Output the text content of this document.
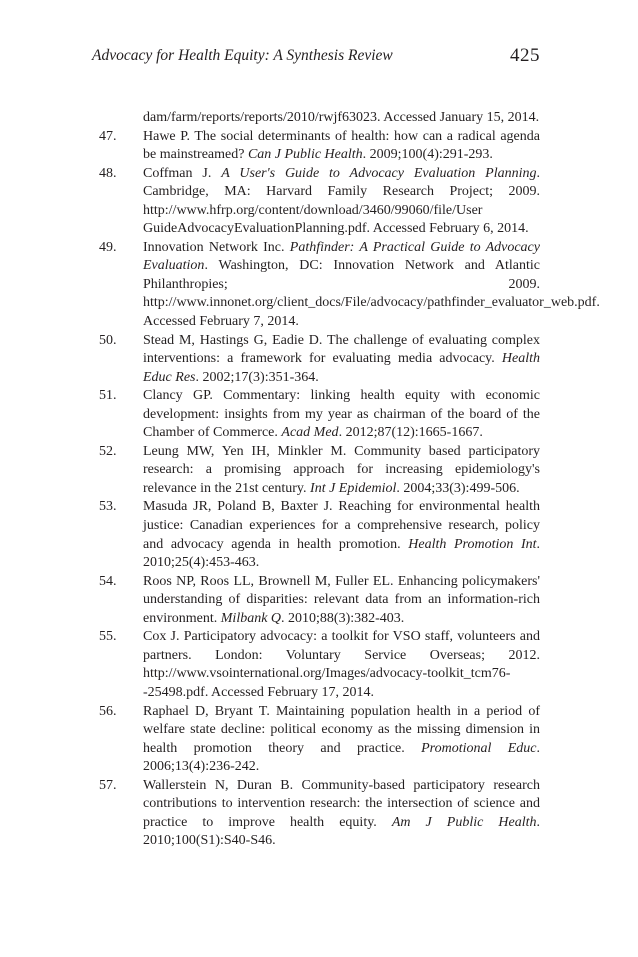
Advocacy for Health Equity: A Synthesis Review	425
dam/farm/reports/reports/2010/rwjf63023. Accessed January 15, 2014.
47. Hawe P. The social determinants of health: how can a radical agenda be mainstreamed? Can J Public Health. 2009;100(4):291-293.
48. Coffman J. A User's Guide to Advocacy Evaluation Planning. Cambridge, MA: Harvard Family Research Project; 2009. http://www.hfrp.org/content/download/3460/99060/file/User GuideAdvocacyEvaluationPlanning.pdf. Accessed February 6, 2014.
49. Innovation Network Inc. Pathfinder: A Practical Guide to Advocacy Evaluation. Washington, DC: Innovation Network and Atlantic Philanthropies; 2009. http://www.innonet.org/client_docs/File/advocacy/pathfinder_evaluator_web.pdf. Accessed February 7, 2014.
50. Stead M, Hastings G, Eadie D. The challenge of evaluating complex interventions: a framework for evaluating media advocacy. Health Educ Res. 2002;17(3):351-364.
51. Clancy GP. Commentary: linking health equity with economic development: insights from my year as chairman of the board of the Chamber of Commerce. Acad Med. 2012;87(12):1665-1667.
52. Leung MW, Yen IH, Minkler M. Community based participatory research: a promising approach for increasing epidemiology's relevance in the 21st century. Int J Epidemiol. 2004;33(3):499-506.
53. Masuda JR, Poland B, Baxter J. Reaching for environmental health justice: Canadian experiences for a comprehensive research, policy and advocacy agenda in health promotion. Health Promotion Int. 2010;25(4):453-463.
54. Roos NP, Roos LL, Brownell M, Fuller EL. Enhancing policymakers' understanding of disparities: relevant data from an information-rich environment. Milbank Q. 2010;88(3):382-403.
55. Cox J. Participatory advocacy: a toolkit for VSO staff, volunteers and partners. London: Voluntary Service Overseas; 2012. http://www.vsointernational.org/Images/advocacy-toolkit_tcm76--25498.pdf. Accessed February 17, 2014.
56. Raphael D, Bryant T. Maintaining population health in a period of welfare state decline: political economy as the missing dimension in health promotion theory and practice. Promotional Educ. 2006;13(4):236-242.
57. Wallerstein N, Duran B. Community-based participatory research contributions to intervention research: the intersection of science and practice to improve health equity. Am J Public Health. 2010;100(S1):S40-S46.
